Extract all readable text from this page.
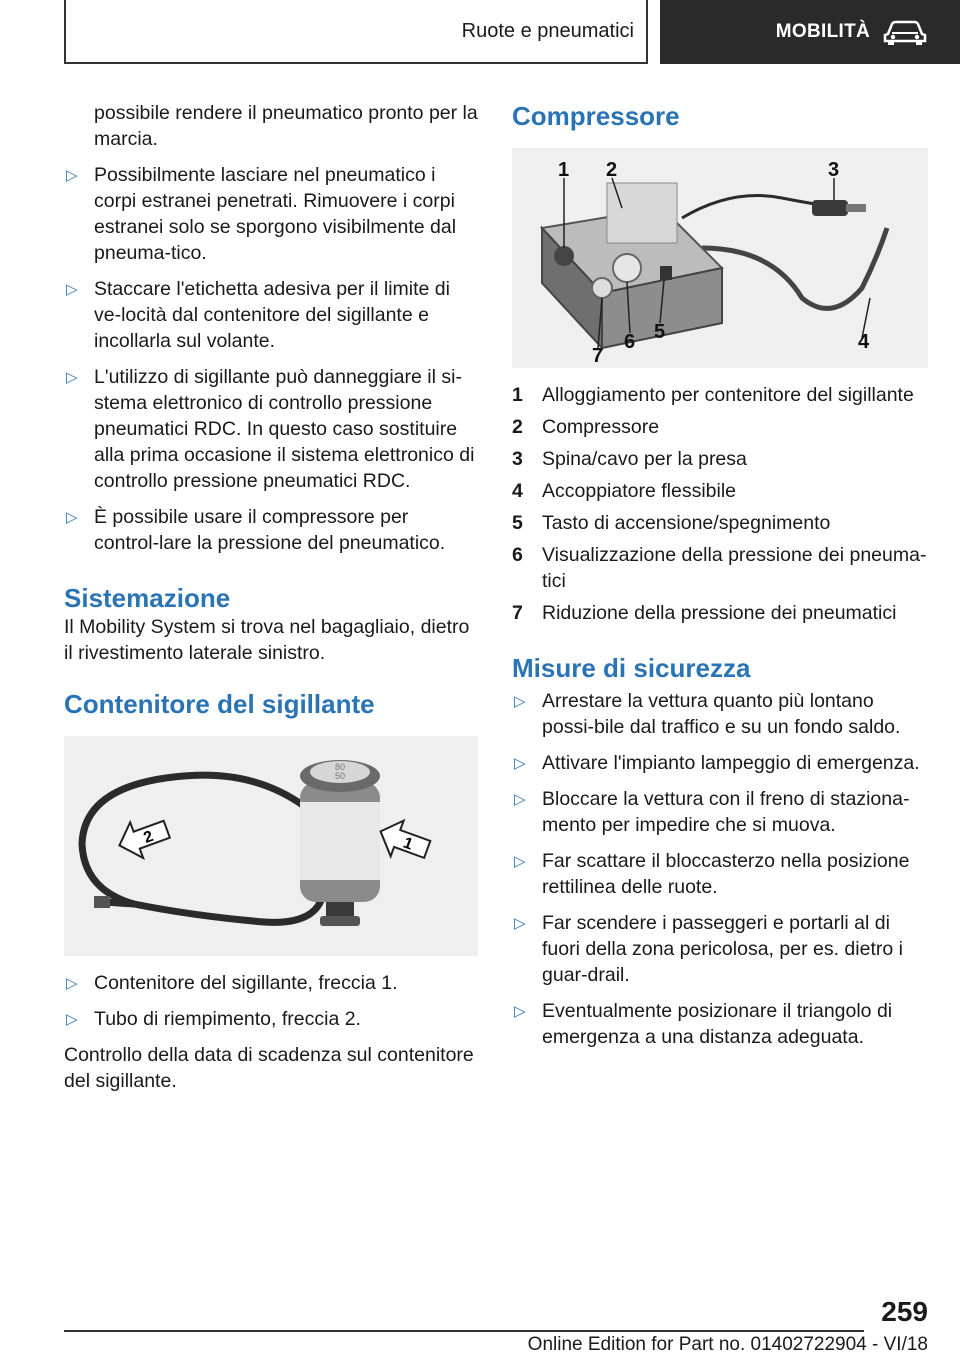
Ruote e pneumatici	MOBILITÀ

possibile rendere il pneumatico pronto per la marcia.

▷ Possibilmente lasciare nel pneumatico i corpi estranei penetrati. Rimuovere i corpi estranei solo se sporgono visibilmente dal pneuma-tico.
▷ Staccare l'etichetta adesiva per il limite di ve-locità dal contenitore del sigillante e incollarla sul volante.
▷ L'utilizzo di sigillante può danneggiare il si-stema elettronico di controllo pressione pneumatici RDC. In questo caso sostituire alla prima occasione il sistema elettronico di controllo pressione pneumatici RDC.
▷ È possibile usare il compressore per control-lare la pressione del pneumatico.
Sistemazione

Il Mobility System si trova nel bagagliaio, dietro il rivestimento laterale sinistro.

Contenitore del sigillante
80
50
2	1
▷ Contenitore del sigillante, freccia 1.
▷ Tubo di riempimento, freccia 2.

Controllo della data di scadenza sul contenitore del sigillante.

Compressore
1 2	3
4
5
6
7
1 Alloggiamento per contenitore del sigillante
2 Compressore
3 Spina/cavo per la presa
4 Accoppiatore flessibile
5 Tasto di accensione/spegnimento
6 Visualizzazione della pressione dei pneuma-tici
7 Riduzione della pressione dei pneumatici
Misure di sicurezza
▷ Arrestare la vettura quanto più lontano possi-bile dal traffico e su un fondo saldo.
▷ Attivare l'impianto lampeggio di emergenza.
▷ Bloccare la vettura con il freno di staziona-mento per impedire che si muova.
▷ Far scattare il bloccasterzo nella posizione rettilinea delle ruote.
▷ Far scendere i passeggeri e portarli al di fuori della zona pericolosa, per es. dietro i guar-drail.
▷ Eventualmente posizionare il triangolo di emergenza a una distanza adeguata.
259
Online Edition for Part no. 01402722904 - VI/18
